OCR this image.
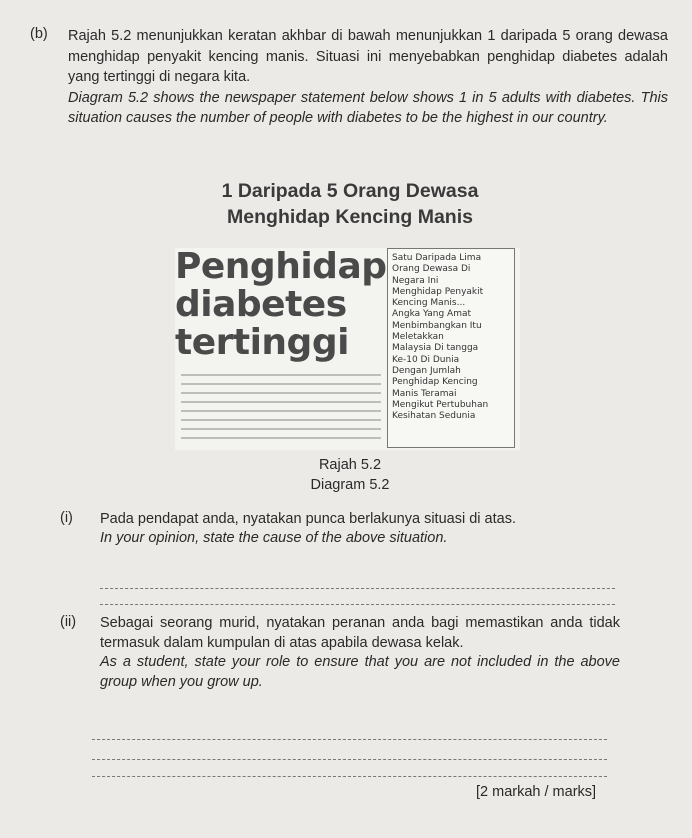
(b) Rajah 5.2 menunjukkan keratan akhbar di bawah menunjukkan 1 daripada 5 orang dewasa menghidap penyakit kencing manis. Situasi ini menyebabkan penghidap diabetes adalah yang tertinggi di negara kita.

Diagram 5.2 shows the newspaper statement below shows 1 in 5 adults with diabetes. This situation causes the number of people with diabetes to be the highest in our country.

1 Daripada 5 Orang Dewasa
Menghidap Kencing Manis
Penghidap
diabetes
tertinggi
Satu Daripada Lima
Orang Dewasa Di
Negara Ini
Menghidap Penyakit
Kencing Manis...
Angka Yang Amat
Menbimbangkan Itu
Meletakkan
Malaysia Di tangga
Ke-10 Di Dunia
Dengan Jumlah
Penghidap Kencing
Manis Teramai
Mengikut Pertubuhan
Kesihatan Sedunia
Rajah 5.2
Diagram 5.2
(i) Pada pendapat anda, nyatakan punca berlakunya situasi di atas.
In your opinion, state the cause of the above situation.
(ii) Sebagai seorang murid, nyatakan peranan anda bagi memastikan anda tidak termasuk dalam kumpulan di atas apabila dewasa kelak.
As a student, state your role to ensure that you are not included in the above group when you grow up.
[2 markah / marks]
